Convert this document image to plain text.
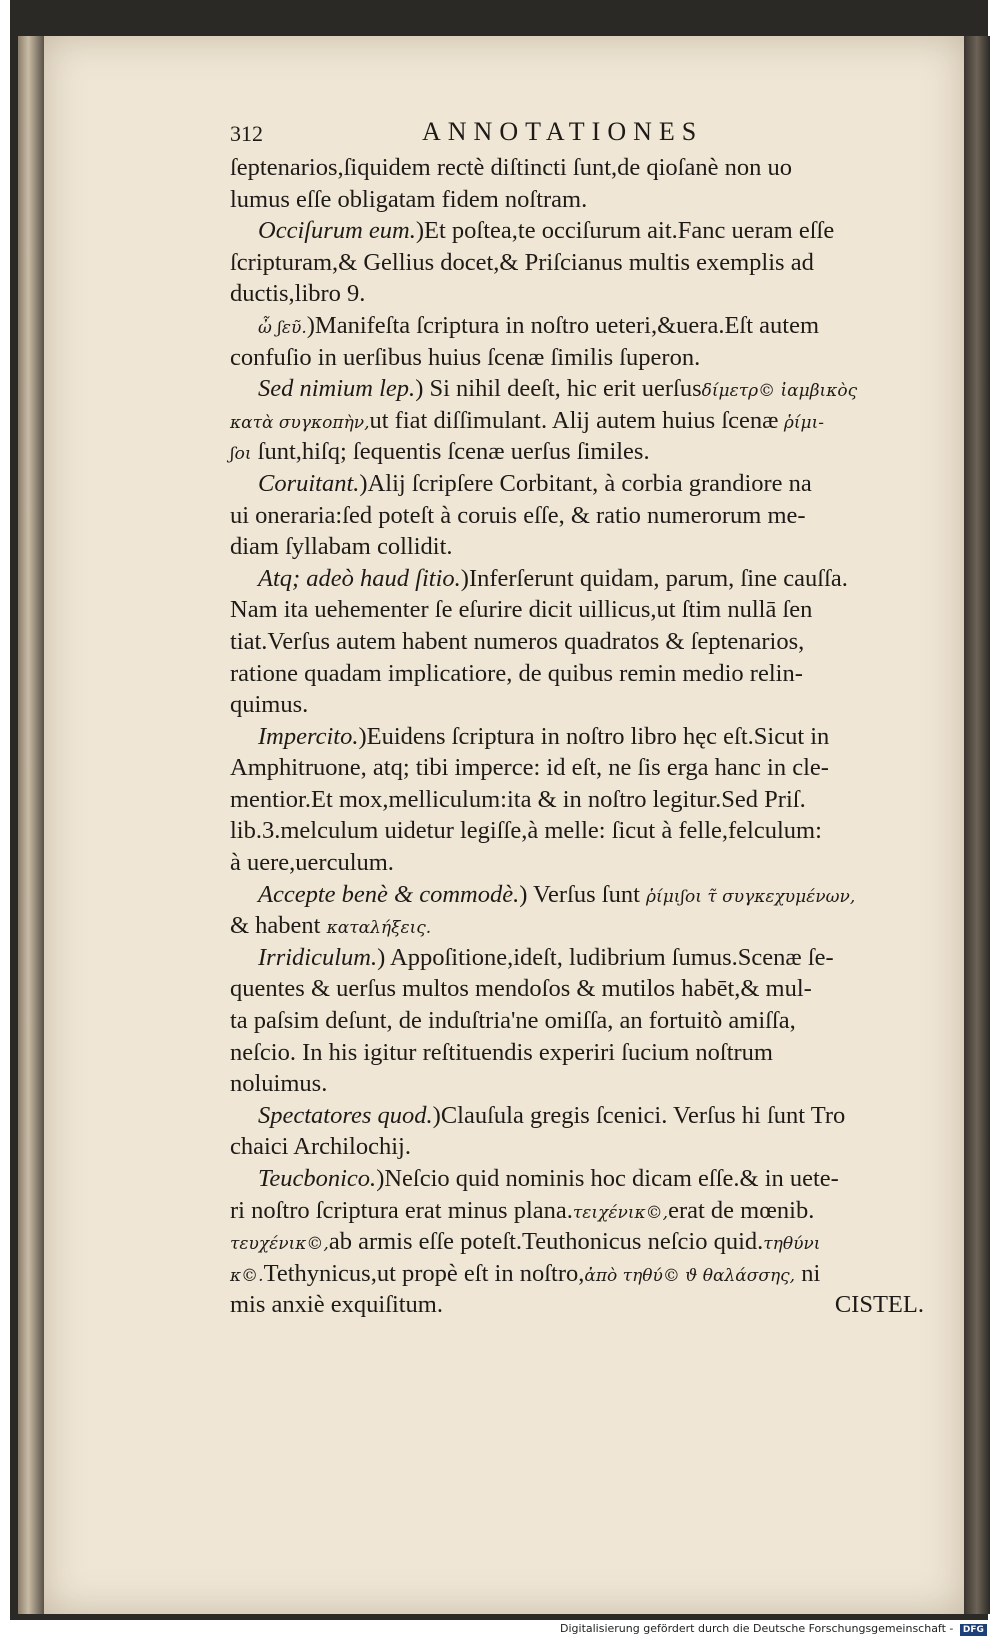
312	ANNOTATIONES
ſeptenarios,ſiquidem rectè diſtincti ſunt,de qioſanè non uo
lumus eſſe obligatam fidem noſtram.
Occiſurum eum.)Et poſtea,te occiſurum ait.Fanc ueram eſſe
ſcripturam,& Gellius docet,& Priſcianus multis exemplis ad
ductis,libro 9.
ὦ ʃεῦ.)Manifeſta ſcriptura in noſtro ueteri,&uera.Eſt autem
confuſio in uerſibus huius ſcenæ ſimilis ſuperon.
Sed nimium lep.) Si nihil deeſt, hic erit uerſusδίμετρ© ἰαμβικὸς
κατὰ συγκοπὴν,ut fiat diſſimulant. Alij autem huius ſcenæ ῥίμι-
ʃοι ſunt,hiſq; ſequentis ſcenæ uerſus ſimiles.
Coruitant.)Alij ſcripſere Corbitant, à corbia grandiore na
ui oneraria:ſed poteſt à coruis eſſe, & ratio numerorum me-
diam ſyllabam collidit.
Atq; adeò haud ſitio.)Inferſerunt quidam, parum, ſine cauſſa.
Nam ita uehementer ſe eſurire dicit uillicus,ut ſtim nullā ſen
tiat.Verſus autem habent numeros quadratos & ſeptenarios,
ratione quadam implicatiore, de quibus remin medio relin-
quimus.
Impercito.)Euidens ſcriptura in noſtro libro hęc eſt.Sicut in
Amphitruone, atq; tibi imperce: id eſt, ne ſis erga hanc in cle-
mentior.Et mox,melliculum:ita & in noſtro legitur.Sed Priſ.
lib.3.melculum uidetur legiſſe,à melle: ſicut à felle,felculum:
à uere,uerculum.
Accepte benè & commodè.) Verſus ſunt ῥίμιʃοι τ̃ συγκεχυμένων,
& habent καταλήξεις.
Irridiculum.) Appoſitione,ideſt, ludibrium ſumus.Scenæ ſe-
quentes & uerſus multos mendoſos & mutilos habēt,& mul-
ta paſsim deſunt, de induſtria'ne omiſſa, an fortuitò amiſſa,
neſcio. In his igitur reſtituendis experiri ſucium noſtrum
noluimus.
Spectatores quod.)Clauſula gregis ſcenici. Verſus hi ſunt Tro
chaici Archilochij.
Teucbonico.)Neſcio quid nominis hoc dicam eſſe.& in uete-
ri noſtro ſcriptura erat minus plana.τειχένικ©,erat de mœnib.
τευχένικ©,ab armis eſſe poteſt.Teuthonicus neſcio quid.τηθύνι
κ©.Tethynicus,ut propè eſt in noſtro,ἀπὸ τηθύ© ϑ θαλάσσης, ni
mis anxiè exquiſitum.	CISTEL.
Digitalisierung gefördert durch die Deutsche Forschungsgemeinschaft - DFG
